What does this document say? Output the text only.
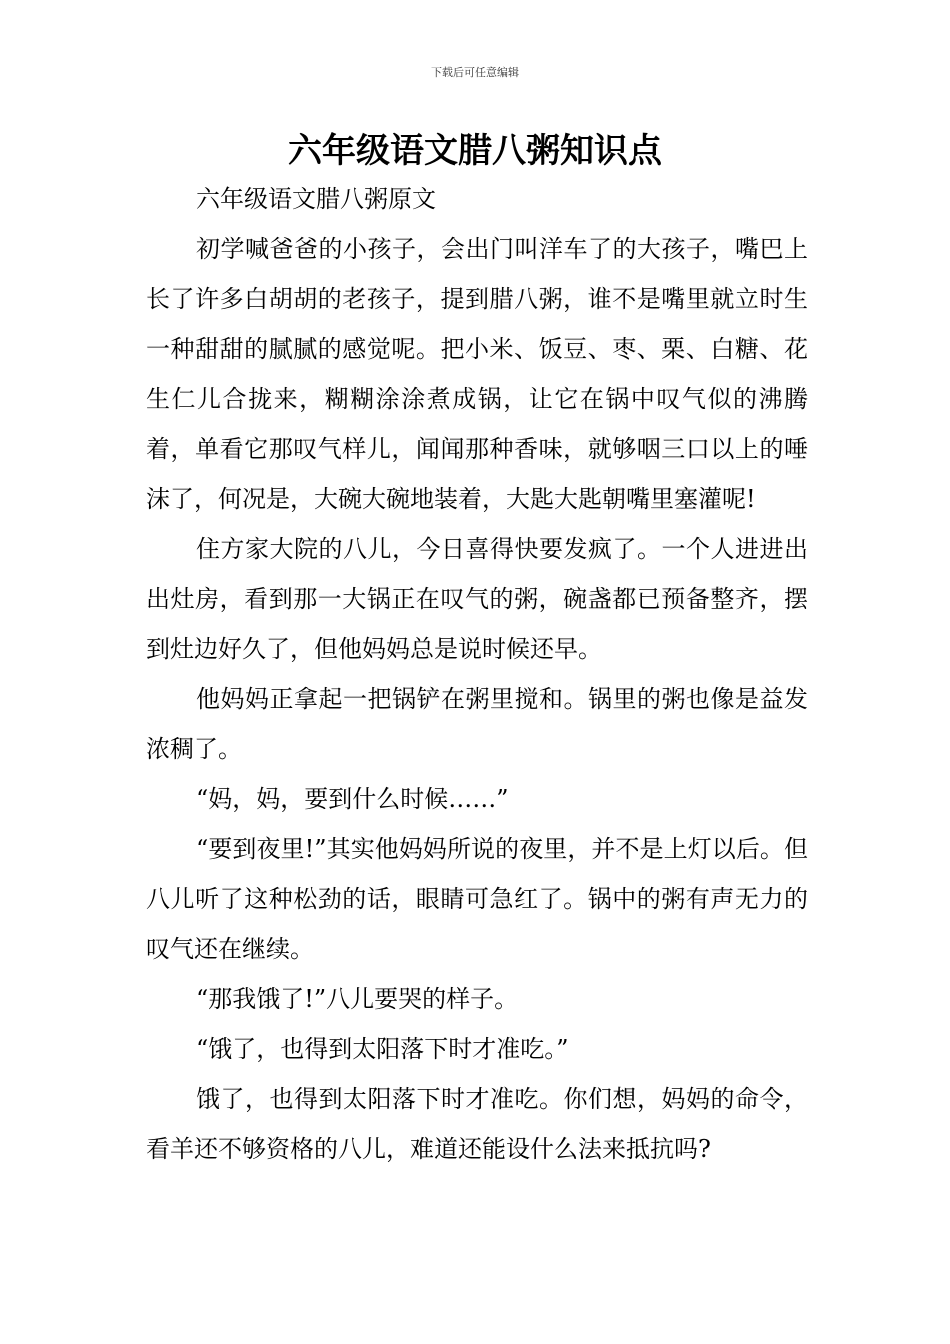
下载后可任意编辑
六年级语文腊八粥知识点

六年级语文腊八粥原文

初学喊爸爸的小孩子，会出门叫洋车了的大孩子，嘴巴上长了许多白胡胡的老孩子，提到腊八粥，谁不是嘴里就立时生一种甜甜的腻腻的感觉呢。把小米、饭豆、枣、栗、白糖、花生仁儿合拢来，糊糊涂涂煮成锅，让它在锅中叹气似的沸腾着，单看它那叹气样儿，闻闻那种香味，就够咽三口以上的唾沫了，何况是，大碗大碗地装着，大匙大匙朝嘴里塞灌呢!

住方家大院的八儿，今日喜得快要发疯了。一个人进进出出灶房，看到那一大锅正在叹气的粥，碗盏都已预备整齐，摆到灶边好久了，但他妈妈总是说时候还早。

他妈妈正拿起一把锅铲在粥里搅和。锅里的粥也像是益发浓稠了。

“妈，妈，要到什么时候……”

“要到夜里!”其实他妈妈所说的夜里，并不是上灯以后。但八儿听了这种松劲的话，眼睛可急红了。锅中的粥有声无力的叹气还在继续。

“那我饿了!”八儿要哭的样子。

“饿了，也得到太阳落下时才准吃。”

饿了，也得到太阳落下时才准吃。你们想，妈妈的命令，看羊还不够资格的八儿，难道还能设什么法来抵抗吗?
